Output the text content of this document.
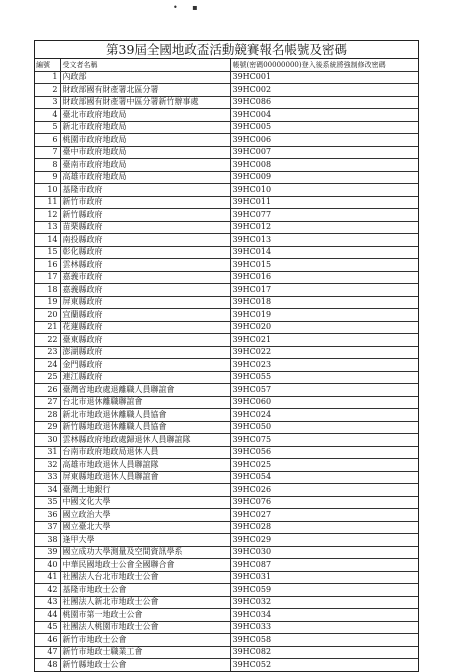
• ▪
第39屆全國地政盃活動競賽報名帳號及密碼
編號	受文者名稱	帳號(密碼00000000)登入後系統將強制修改密碼
1	內政部	39HC001
2	財政部國有財產署北區分署	39HC002
3	財政部國有財產署中區分署新竹辦事處	39HC086
4	臺北市政府地政局	39HC004
5	新北市政府地政局	39HC005
6	桃園市政府地政局	39HC006
7	臺中市政府地政局	39HC007
8	臺南市政府地政局	39HC008
9	高雄市政府地政局	39HC009
10	基隆市政府	39HC010
11	新竹市政府	39HC011
12	新竹縣政府	39HC077
13	苗栗縣政府	39HC012
14	南投縣政府	39HC013
15	彰化縣政府	39HC014
16	雲林縣政府	39HC015
17	嘉義市政府	39HC016
18	嘉義縣政府	39HC017
19	屏東縣政府	39HC018
20	宜蘭縣政府	39HC019
21	花蓮縣政府	39HC020
22	臺東縣政府	39HC021
23	澎湖縣政府	39HC022
24	金門縣政府	39HC023
25	連江縣政府	39HC055
26	臺灣省地政處退離職人員聯誼會	39HC057
27	台北市退休離職聯誼會	39HC060
28	新北市地政退休離職人員協會	39HC024
29	新竹縣地政退休離職人員協會	39HC050
30	雲林縣政府地政處歸退休人員聯誼隊	39HC075
31	台南市政府地政局退休人員	39HC056
32	高雄市地政退休人員聯誼隊	39HC025
33	屏東縣地政退休人員聯誼會	39HC054
34	臺灣土地銀行	39HC026
35	中國文化大學	39HC076
36	國立政治大學	39HC027
37	國立臺北大學	39HC028
38	逢甲大學	39HC029
39	國立成功大學測量及空間資訊學系	39HC030
40	中華民國地政士公會全國聯合會	39HC087
41	社團法人台北市地政士公會	39HC031
42	基隆市地政士公會	39HC059
43	社團法人新北市地政士公會	39HC032
44	桃園市第一地政士公會	39HC034
45	社團法人桃園市地政士公會	39HC033
46	新竹市地政士公會	39HC058
47	新竹市地政士職業工會	39HC082
48	新竹縣地政士公會	39HC052
